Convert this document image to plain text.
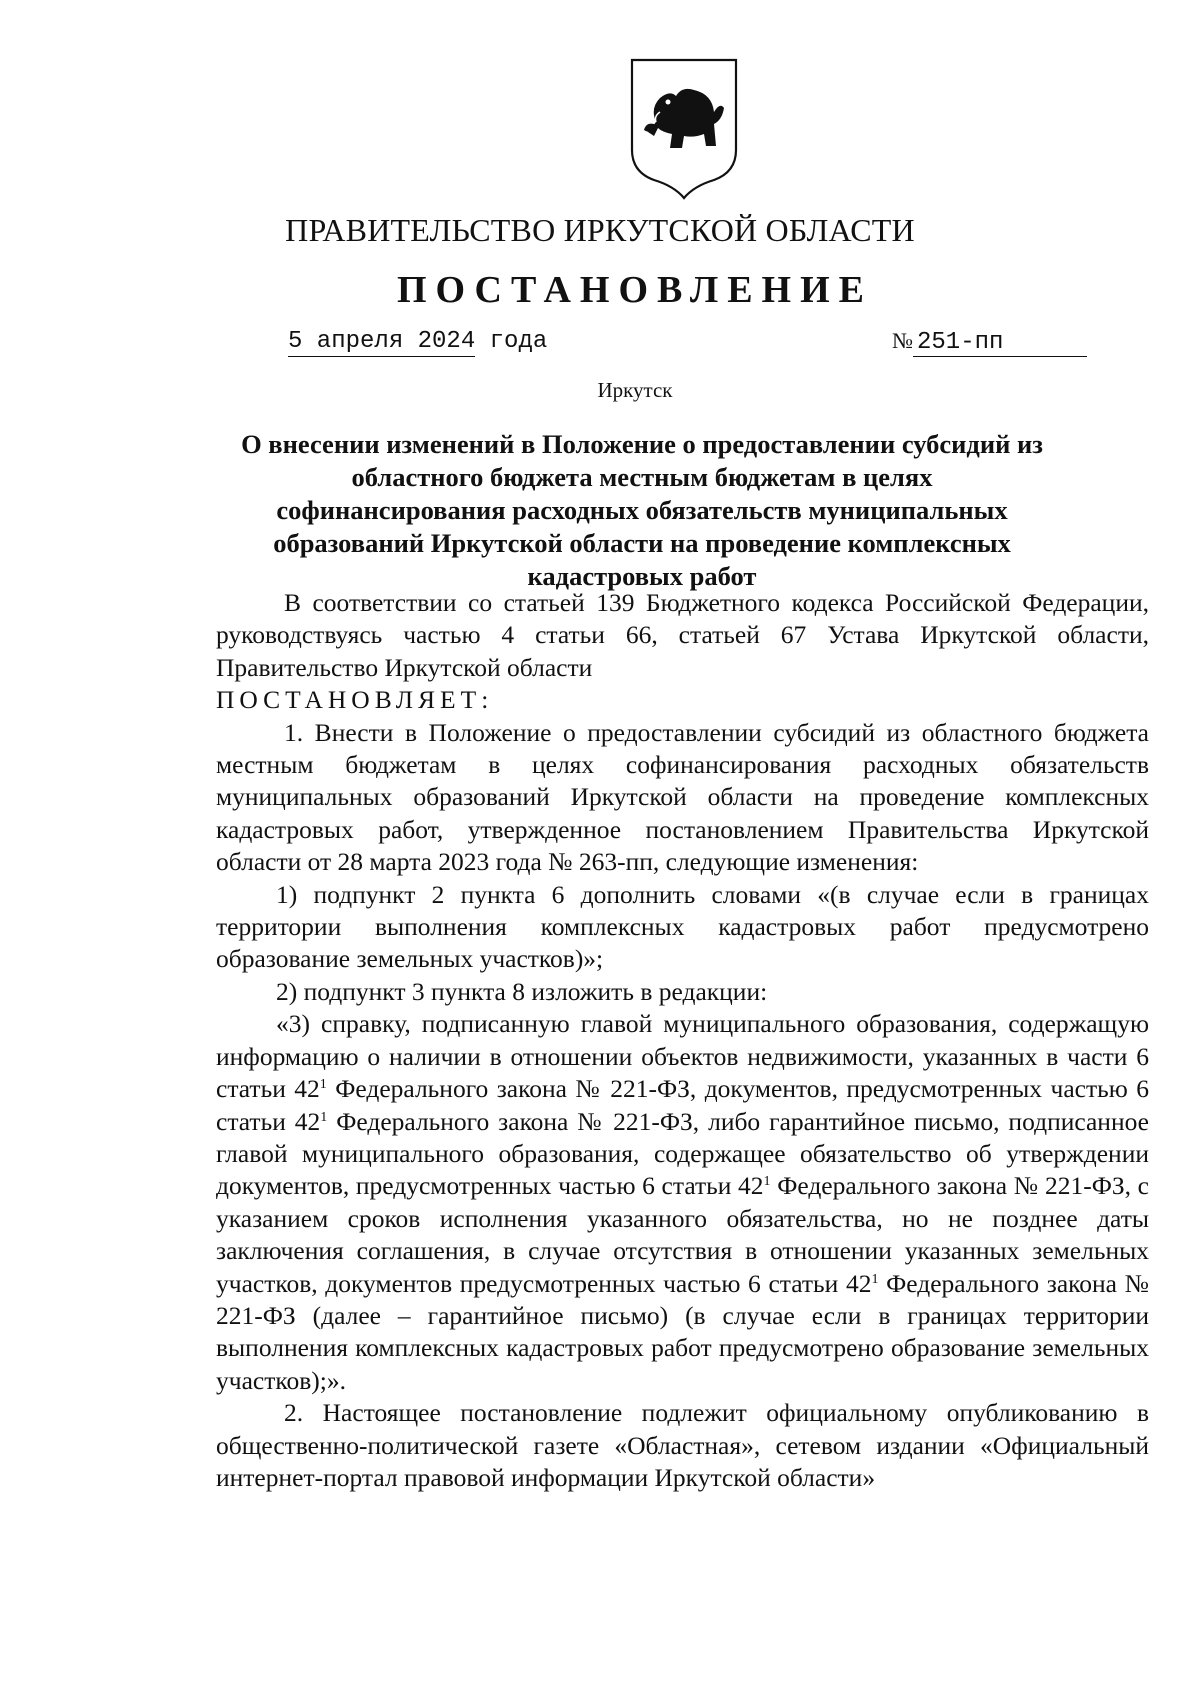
ПРАВИТЕЛЬСТВО ИРКУТСКОЙ ОБЛАСТИ
ПОСТАНОВЛЕНИЕ
5 апреля 2024 года	№ 251-пп
Иркутск
О внесении изменений в Положение о предоставлении субсидий из областного бюджета местным бюджетам в целях софинансирования расходных обязательств муниципальных образований Иркутской области на проведение комплексных кадастровых работ

В соответствии со статьей 139 Бюджетного кодекса Российской Федерации, руководствуясь частью 4 статьи 66, статьей 67 Устава Иркутской области, Правительство Иркутской области

ПОСТАНОВЛЯЕТ:

1. Внести в Положение о предоставлении субсидий из областного бюджета местным бюджетам в целях софинансирования расходных обязательств муниципальных образований Иркутской области на проведение комплексных кадастровых работ, утвержденное постановлением Правительства Иркутской области от 28 марта 2023 года № 263-пп, следующие изменения:

1) подпункт 2 пункта 6 дополнить словами «(в случае если в границах территории выполнения комплексных кадастровых работ предусмотрено образование земельных участков)»;

2) подпункт 3 пункта 8 изложить в редакции:

«3) справку, подписанную главой муниципального образования, содержащую информацию о наличии в отношении объектов недвижимости, указанных в части 6 статьи $42^1$ Федерального закона № 221-ФЗ, документов, предусмотренных частью 6 статьи $42^1$ Федерального закона № 221-ФЗ, либо гарантийное письмо, подписанное главой муниципального образования, содержащее обязательство об утверждении документов, предусмотренных частью 6 статьи $42^1$ Федерального закона № 221-ФЗ, с указанием сроков исполнения указанного обязательства, но не позднее даты заключения соглашения, в случае отсутствия в отношении указанных земельных участков, документов предусмотренных частью 6 статьи $42^1$ Федерального закона № 221-ФЗ (далее – гарантийное письмо) (в случае если в границах территории выполнения комплексных кадастровых работ предусмотрено образование земельных участков);».

2. Настоящее постановление подлежит официальному опубликованию в общественно-политической газете «Областная», сетевом издании «Официальный интернет-портал правовой информации Иркутской области»
